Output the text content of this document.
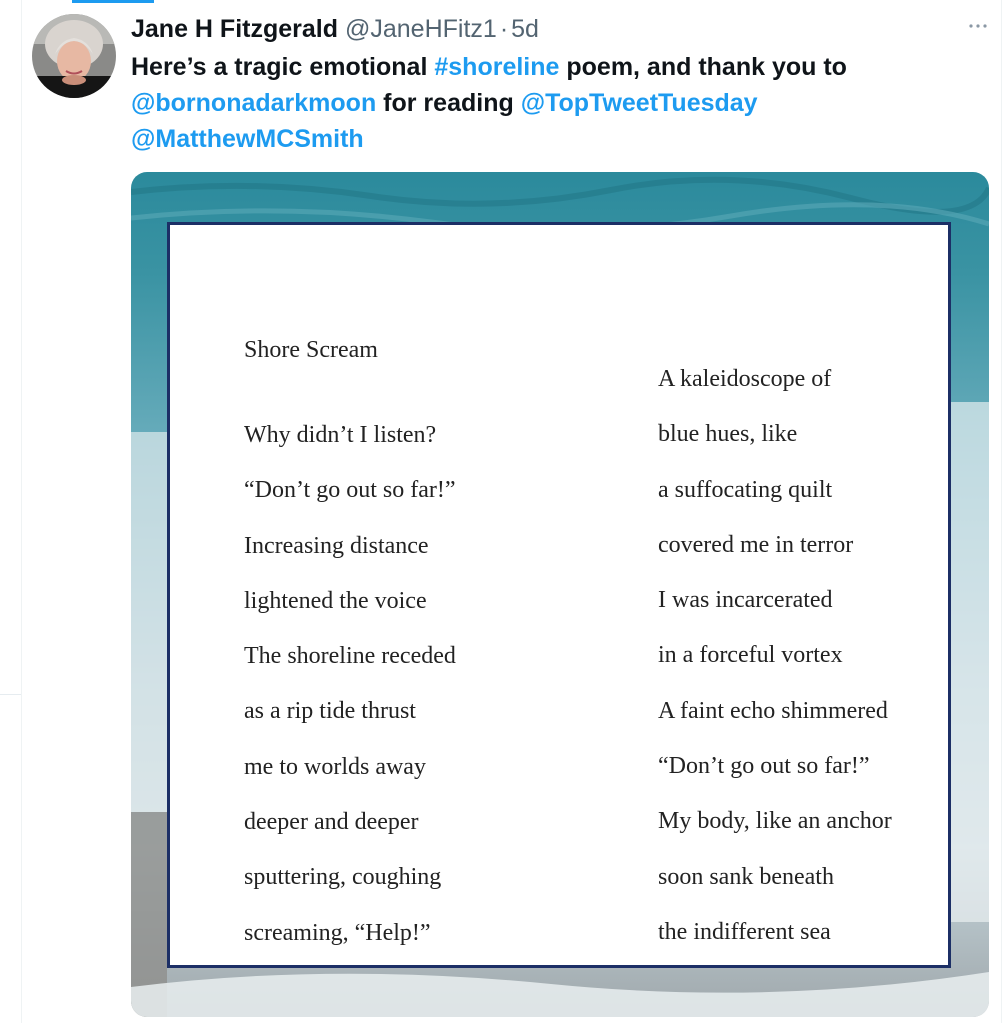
Jane H Fitzgerald @JaneHFitz1 · 5d
Here’s a tragic emotional #shoreline poem, and thank you to
@bornonadarkmoon for reading @TopTweetTuesday
@MatthewMCSmith
Shore Scream
Why didn’t I listen?
“Don’t go out so far!”
Increasing distance
lightened the voice
The shoreline receded
as a rip tide thrust
me to worlds away
deeper and deeper
sputtering, coughing
screaming, “Help!”
A kaleidoscope of
blue hues, like
a suffocating quilt
covered me in terror
I was incarcerated
in a forceful vortex
A faint echo shimmered
“Don’t go out so far!”
My body, like an anchor
soon sank beneath
the indifferent sea
